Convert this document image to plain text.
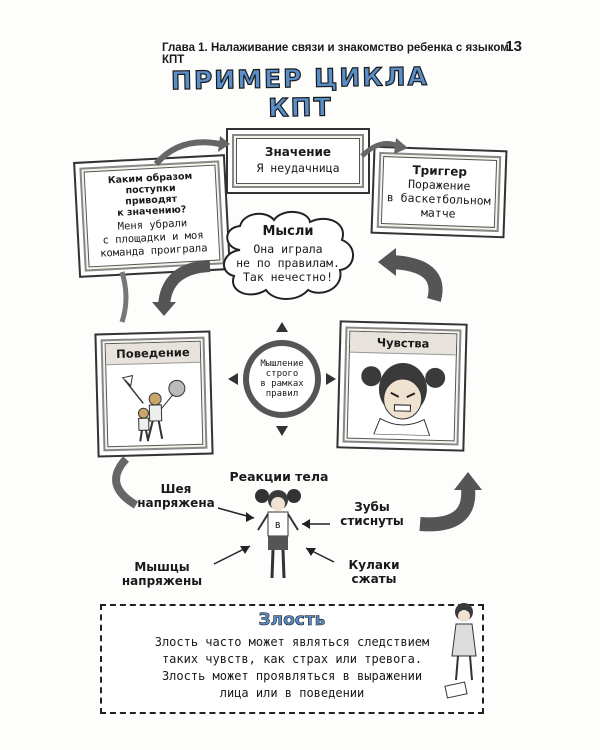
Глава 1. Налаживание связи и знакомство ребенка с языком КПТ
13
ПРИМЕР ЦИКЛА КПТ
Каким образом
поступки
приводят
к значению?
Меня убрали
с площадки и моя
команда проиграла
Значение
Я неудачница	Триггер
Поражение
в баскетбольном
матче
Мысли
Она играла
не по правилам.
Так нечестно!
Поведение
Чувства
Мышление
строго
в рамках
правил
Реакции тела
B
Шея
напряжена	Зубы
стиснуты
Мышцы
напряжены
Кулаки
сжаты
Злость
Злость часто может являться следствием
таких чувств, как страх или тревога.
Злость может проявляться в выражении
лица или в поведении
